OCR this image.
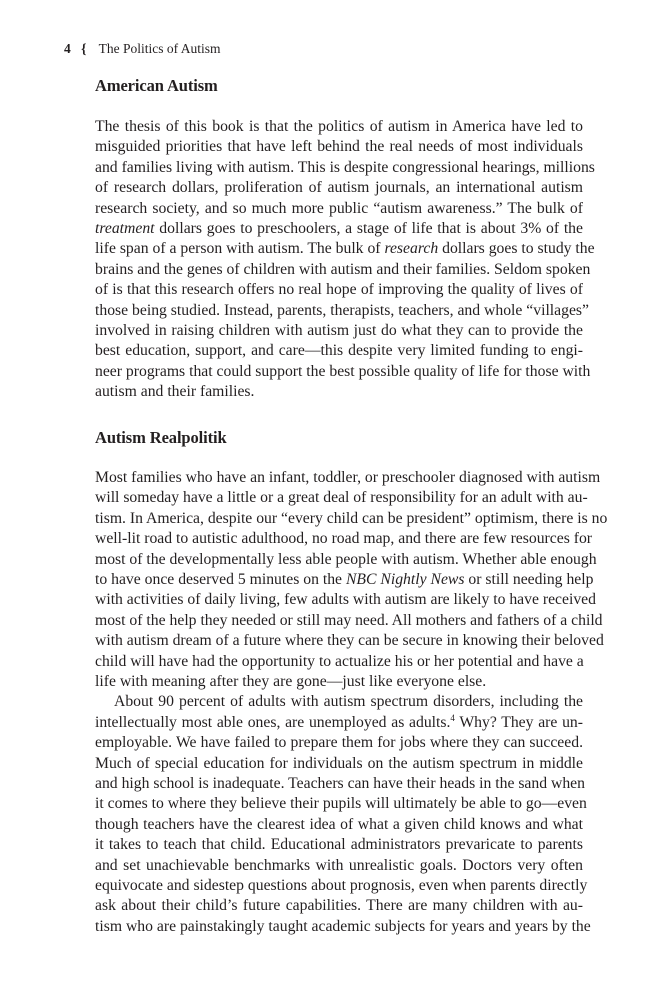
4 { The Politics of Autism
American Autism
The thesis of this book is that the politics of autism in America have led to
misguided priorities that have left behind the real needs of most individuals
and families living with autism. This is despite congressional hearings, millions
of research dollars, proliferation of autism journals, an international autism
research society, and so much more public “autism awareness.” The bulk of
treatment dollars goes to preschoolers, a stage of life that is about 3% of the
life span of a person with autism. The bulk of research dollars goes to study the
brains and the genes of children with autism and their families. Seldom spoken
of is that this research offers no real hope of improving the quality of lives of
those being studied. Instead, parents, therapists, teachers, and whole “villages”
involved in raising children with autism just do what they can to provide the
best education, support, and care—this despite very limited funding to engi-
neer programs that could support the best possible quality of life for those with
autism and their families.
Autism Realpolitik
Most families who have an infant, toddler, or preschooler diagnosed with autism
will someday have a little or a great deal of responsibility for an adult with au-
tism. In America, despite our “every child can be president” optimism, there is no
well-lit road to autistic adulthood, no road map, and there are few resources for
most of the developmentally less able people with autism. Whether able enough
to have once deserved 5 minutes on the NBC Nightly News or still needing help
with activities of daily living, few adults with autism are likely to have received
most of the help they needed or still may need. All mothers and fathers of a child
with autism dream of a future where they can be secure in knowing their beloved
child will have had the opportunity to actualize his or her potential and have a
life with meaning after they are gone—just like everyone else.
About 90 percent of adults with autism spectrum disorders, including the
intellectually most able ones, are unemployed as adults.$^4$ Why? They are un-
employable. We have failed to prepare them for jobs where they can succeed.
Much of special education for individuals on the autism spectrum in middle
and high school is inadequate. Teachers can have their heads in the sand when
it comes to where they believe their pupils will ultimately be able to go—even
though teachers have the clearest idea of what a given child knows and what
it takes to teach that child. Educational administrators prevaricate to parents
and set unachievable benchmarks with unrealistic goals. Doctors very often
equivocate and sidestep questions about prognosis, even when parents directly
ask about their child’s future capabilities. There are many children with au-
tism who are painstakingly taught academic subjects for years and years by the
